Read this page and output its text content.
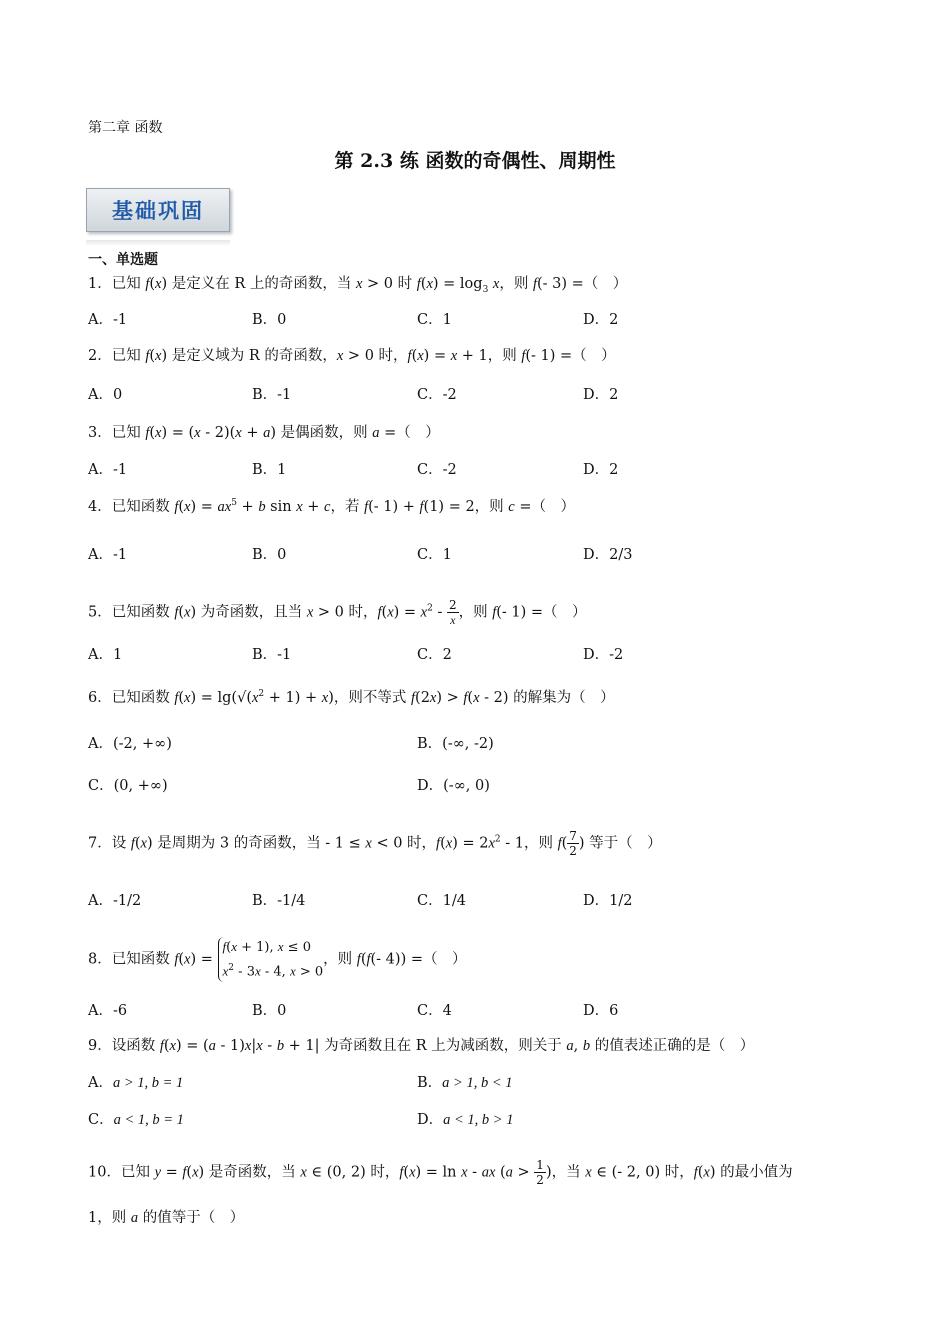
第二章 函数
第 2.3 练 函数的奇偶性、周期性
基础巩固
一、单选题
1．已知 f(x) 是定义在 R 上的奇函数，当 x > 0 时 $f(x) = \log_3 x$，则 f(- 3) =（　）
A．-1	B．0	C．1	D．2
2．已知 f(x) 是定义域为 R 的奇函数，x > 0 时，f(x) = x + 1，则 f(- 1) =（　）
A．0	B．-1	C．-2	D．2
3．已知 f(x) = (x - 2)(x + a) 是偶函数，则 a =（　）
A．-1	B．1	C．-2	D．2
4．已知函数 $f(x) = ax^5 + b$ sin x + c，若 f(- 1) + f(1) = 2，则 c =（　）
A．-1	B．0	C．1	D．2/3
5．已知函数 f(x) 为奇函数，且当 x > 0 时，$f(x) = x^2 - \frac{2}{x}$ ，则 f(- 1) =（　）
A．1	B．-1	C．2	D．-2
6．已知函数 $f(x) = \lg(√(x^2 + 1) + x)$，则不等式 f(2x) > f(x - 2) 的解集为（　）
A．(-2, +∞)	B．(-∞, -2)
C．(0, +∞)	D．(-∞, 0)
7．设 f(x) 是周期为 3 的奇函数，当 - 1 ≤ x < 0 时，$f(x) = 2x^2 - 1$，则 $f( \frac{7}{2}$ ) 等于（　）
A．-1/2	B．-1/4	C．1/4	D．1/2
8．已知函数 f(x) = f(x + 1), x ≤ 0
$x^2 - 3x - 4$, x > 0，则 f(f(- 4)) =（　）
A．-6	B．0	C．4	D．6
9．设函数 f(x) = (a - 1)x|x - b + 1| 为奇函数且在 R 上为减函数，则关于 a, b 的值表述正确的是（　）
A．a > 1, b = 1	B．a > 1, b < 1
C．a < 1, b = 1	D．a < 1, b > 1
10．已知 y = f(x) 是奇函数，当 x ∈ (0, 2) 时，f(x) = ln x - ax ($a > \frac{1}{2}$ )，当 x ∈ (- 2, 0) 时，f(x) 的最小值为
1，则 a 的值等于（　）
